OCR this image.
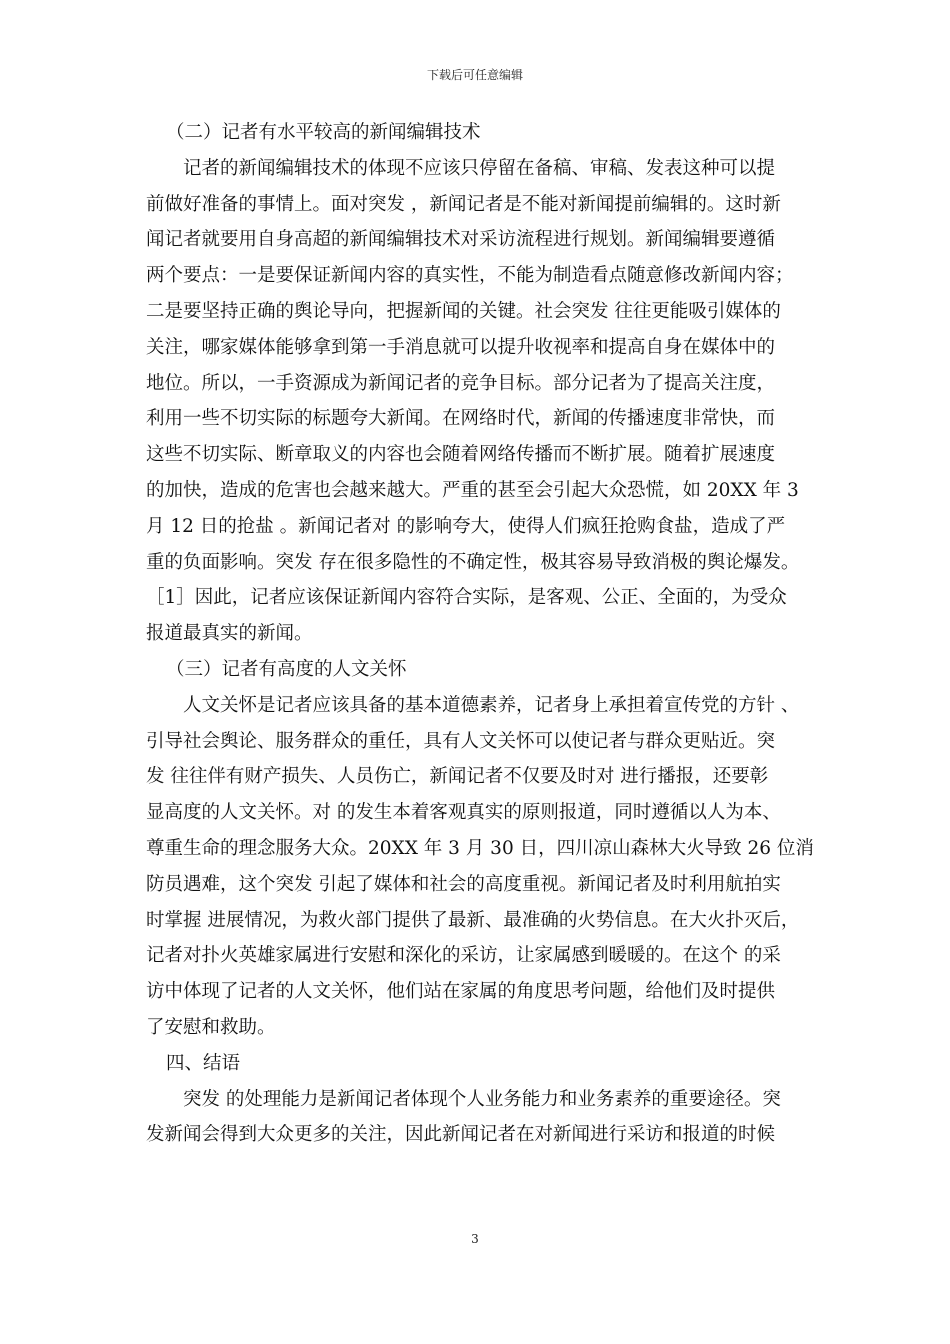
下载后可任意编辑
（二）记者有水平较高的新闻编辑技术
记者的新闻编辑技术的体现不应该只停留在备稿、审稿、发表这种可以提
前做好准备的事情上。面对突发 ，新闻记者是不能对新闻提前编辑的。这时新
闻记者就要用自身高超的新闻编辑技术对采访流程进行规划。新闻编辑要遵循
两个要点：一是要保证新闻内容的真实性，不能为制造看点随意修改新闻内容；
二是要坚持正确的舆论导向，把握新闻的关键。社会突发 往往更能吸引媒体的
关注，哪家媒体能够拿到第一手消息就可以提升收视率和提高自身在媒体中的
地位。所以，一手资源成为新闻记者的竞争目标。部分记者为了提高关注度，
利用一些不切实际的标题夸大新闻。在网络时代，新闻的传播速度非常快，而
这些不切实际、断章取义的内容也会随着网络传播而不断扩展。随着扩展速度
的加快，造成的危害也会越来越大。严重的甚至会引起大众恐慌，如 20XX 年 3
月 12 日的抢盐 。新闻记者对 的影响夸大，使得人们疯狂抢购食盐，造成了严
重的负面影响。突发 存在很多隐性的不确定性，极其容易导致消极的舆论爆发。
［1］因此，记者应该保证新闻内容符合实际，是客观、公正、全面的，为受众
报道最真实的新闻。
（三）记者有高度的人文关怀
人文关怀是记者应该具备的基本道德素养，记者身上承担着宣传党的方针 、
引导社会舆论、服务群众的重任，具有人文关怀可以使记者与群众更贴近。突
发 往往伴有财产损失、人员伤亡，新闻记者不仅要及时对 进行播报，还要彰
显高度的人文关怀。对 的发生本着客观真实的原则报道，同时遵循以人为本、
尊重生命的理念服务大众。20XX 年 3 月 30 日，四川凉山森林大火导致 26 位消
防员遇难，这个突发 引起了媒体和社会的高度重视。新闻记者及时利用航拍实
时掌握 进展情况，为救火部门提供了最新、最准确的火势信息。在大火扑灭后，
记者对扑火英雄家属进行安慰和深化的采访，让家属感到暖暖的。在这个 的采
访中体现了记者的人文关怀，他们站在家属的角度思考问题，给他们及时提供
了安慰和救助。
四、结语
突发 的处理能力是新闻记者体现个人业务能力和业务素养的重要途径。突
发新闻会得到大众更多的关注，因此新闻记者在对新闻进行采访和报道的时候
3
